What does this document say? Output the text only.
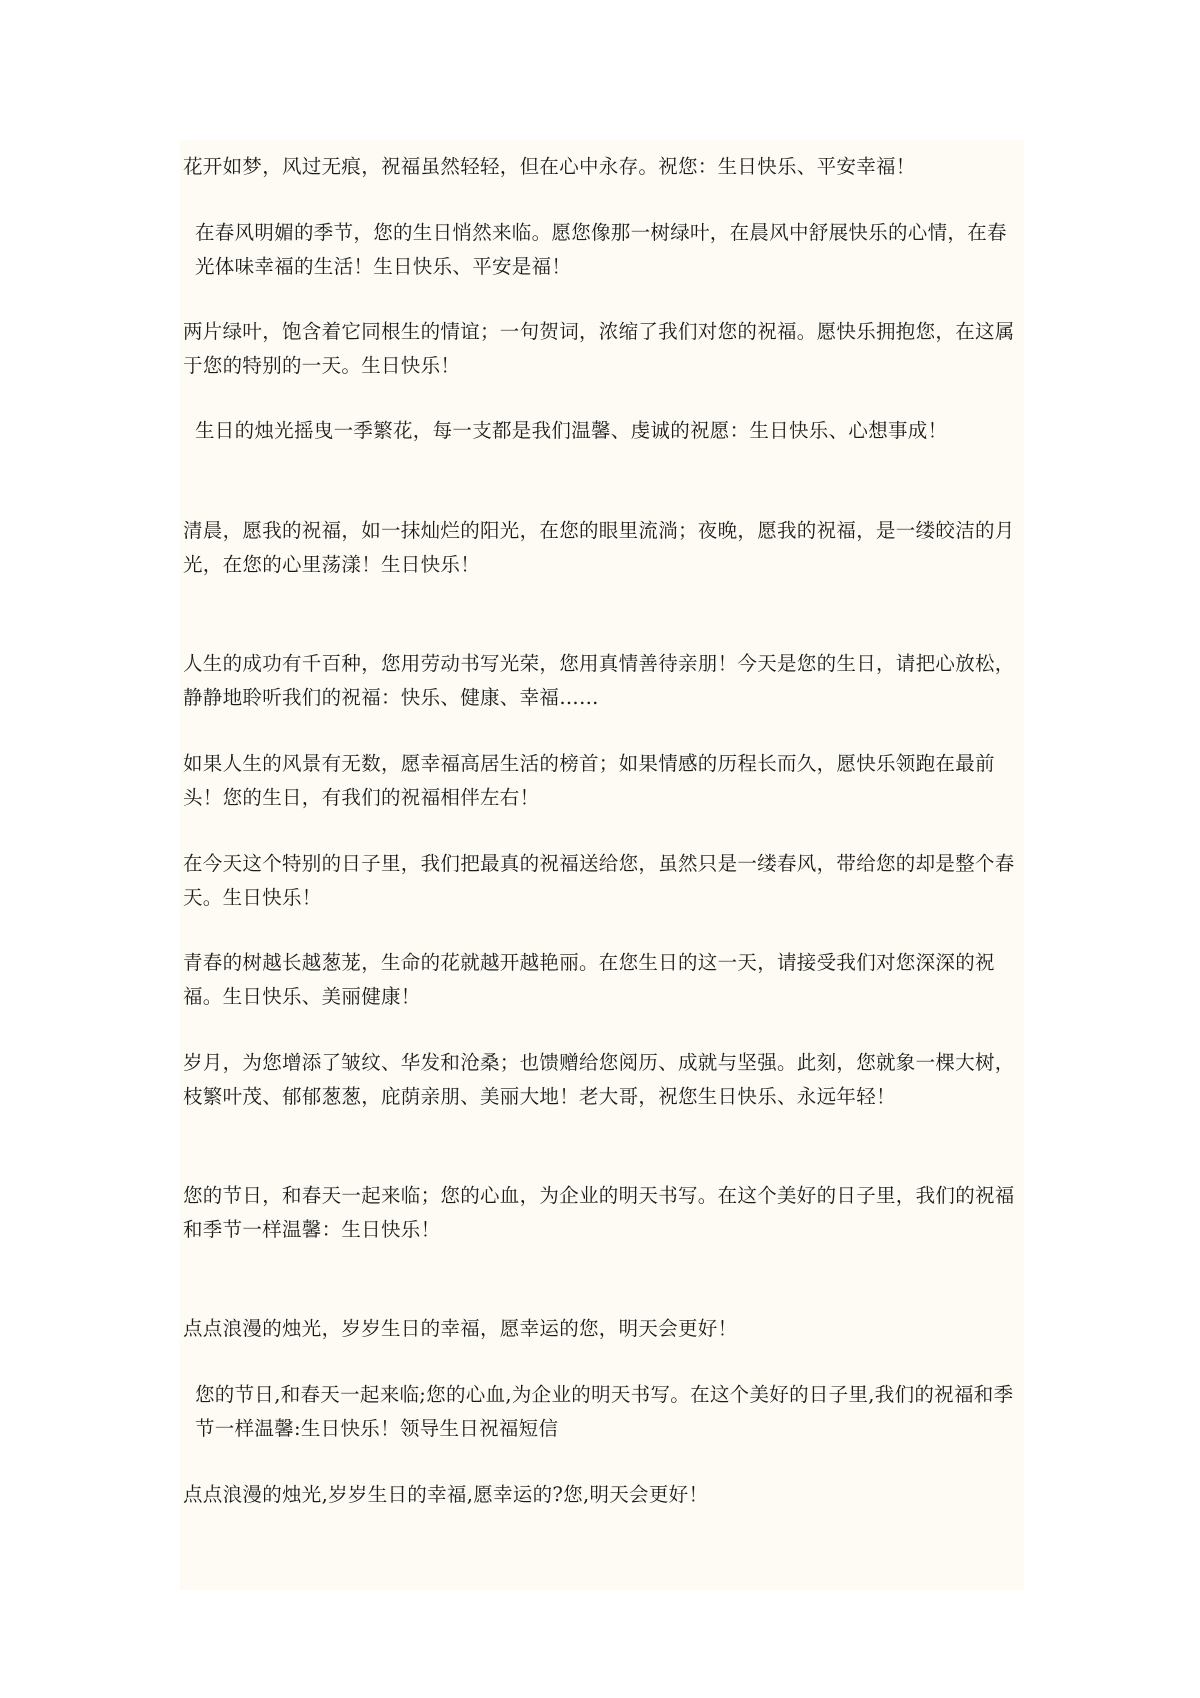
花开如梦，风过无痕，祝福虽然轻轻，但在心中永存。祝您：生日快乐、平安幸福！

在春风明媚的季节，您的生日悄然来临。愿您像那一树绿叶，在晨风中舒展快乐的心情，在春光体味幸福的生活！生日快乐、平安是福！

两片绿叶，饱含着它同根生的情谊；一句贺词，浓缩了我们对您的祝福。愿快乐拥抱您，在这属于您的特别的一天。生日快乐！

生日的烛光摇曳一季繁花，每一支都是我们温馨、虔诚的祝愿：生日快乐、心想事成！

清晨，愿我的祝福，如一抹灿烂的阳光，在您的眼里流淌；夜晚，愿我的祝福，是一缕皎洁的月光，在您的心里荡漾！生日快乐！

人生的成功有千百种，您用劳动书写光荣，您用真情善待亲朋！今天是您的生日，请把心放松，静静地聆听我们的祝福：快乐、健康、幸福……

如果人生的风景有无数，愿幸福高居生活的榜首；如果情感的历程长而久，愿快乐领跑在最前头！您的生日，有我们的祝福相伴左右！

在今天这个特别的日子里，我们把最真的祝福送给您，虽然只是一缕春风，带给您的却是整个春天。生日快乐！

青春的树越长越葱茏，生命的花就越开越艳丽。在您生日的这一天，请接受我们对您深深的祝福。生日快乐、美丽健康！

岁月，为您增添了皱纹、华发和沧桑；也馈赠给您阅历、成就与坚强。此刻，您就象一棵大树，枝繁叶茂、郁郁葱葱，庇荫亲朋、美丽大地！老大哥，祝您生日快乐、永远年轻！

您的节日，和春天一起来临；您的心血，为企业的明天书写。在这个美好的日子里，我们的祝福和季节一样温馨：生日快乐！

点点浪漫的烛光，岁岁生日的幸福，愿幸运的您，明天会更好！

您的节日,和春天一起来临;您的心血,为企业的明天书写。在这个美好的日子里,我们的祝福和季节一样温馨:生日快乐！领导生日祝福短信

点点浪漫的烛光,岁岁生日的幸福,愿幸运的?您,明天会更好！
